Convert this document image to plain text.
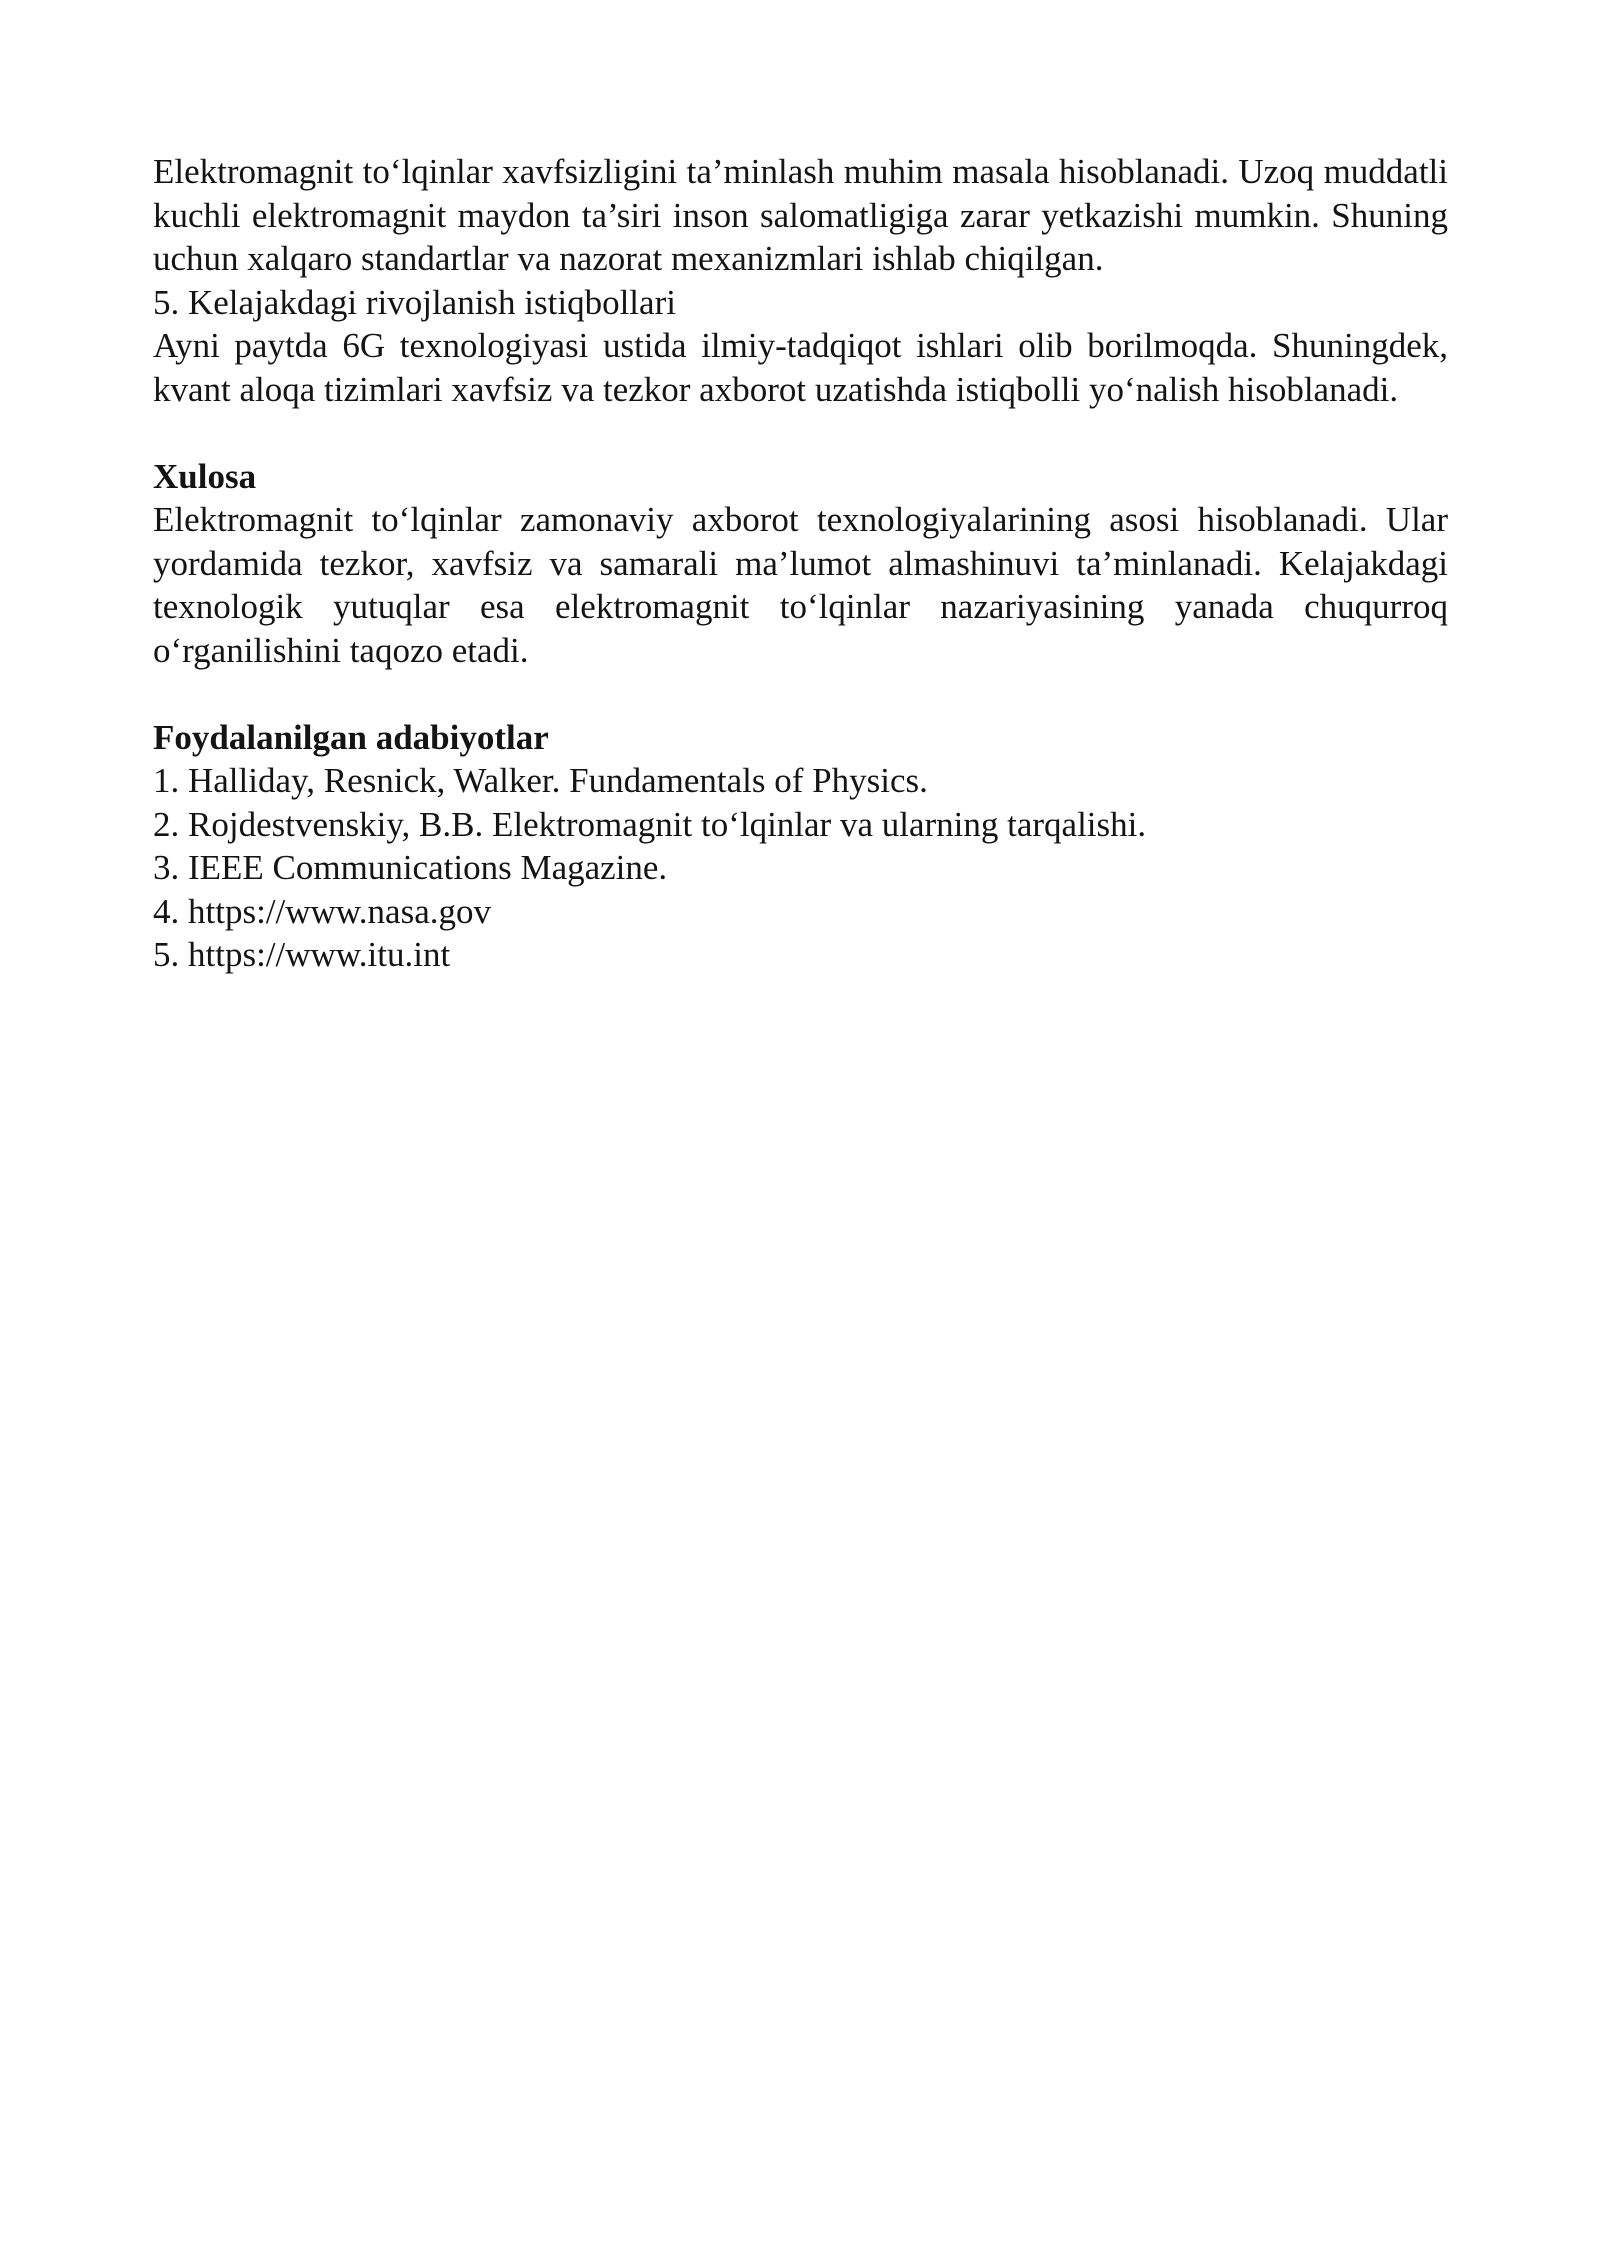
Elektromagnit to‘lqinlar xavfsizligini ta’minlash muhim masala hisoblanadi. Uzoq muddatli kuchli elektromagnit maydon ta’siri inson salomatligiga zarar yetkazishi mumkin. Shuning uchun xalqaro standartlar va nazorat mexanizmlari ishlab chiqilgan.

5. Kelajakdagi rivojlanish istiqbollari

Ayni paytda 6G texnologiyasi ustida ilmiy-tadqiqot ishlari olib borilmoqda. Shuningdek, kvant aloqa tizimlari xavfsiz va tezkor axborot uzatishda istiqbolli yo‘nalish hisoblanadi.

Xulosa

Elektromagnit to‘lqinlar zamonaviy axborot texnologiyalarining asosi hisoblanadi. Ular yordamida tezkor, xavfsiz va samarali ma’lumot almashinuvi ta’minlanadi. Kelajakdagi texnologik yutuqlar esa elektromagnit to‘lqinlar nazariyasining yanada chuqurroq o‘rganilishini taqozo etadi.

Foydalanilgan adabiyotlar

1. Halliday, Resnick, Walker. Fundamentals of Physics.
2. Rojdestvenskiy, B.B. Elektromagnit to‘lqinlar va ularning tarqalishi.
3. IEEE Communications Magazine.
4. https://www.nasa.gov
5. https://www.itu.int
